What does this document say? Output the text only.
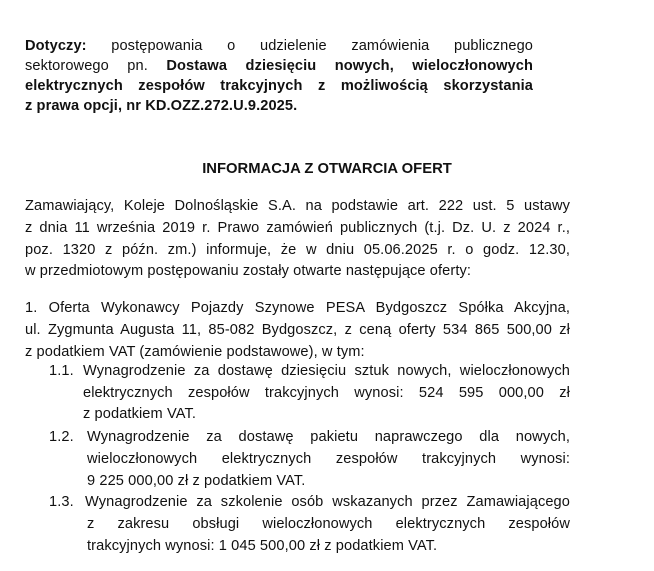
Dotyczy: postępowania o udzielenie zamówienia publicznego
sektorowego pn. Dostawa dziesięciu nowych, wieloczłonowych
elektrycznych zespołów trakcyjnych z możliwością skorzystania
z prawa opcji, nr KD.OZZ.272.U.9.2025.
INFORMACJA Z OTWARCIA OFERT
Zamawiający, Koleje Dolnośląskie S.A. na podstawie art. 222 ust. 5 ustawy
z dnia 11 września 2019 r. Prawo zamówień publicznych (t.j. Dz. U. z 2024 r.,
poz. 1320 z późn. zm.) informuje, że w dniu 05.06.2025 r. o godz. 12.30,
w przedmiotowym postępowaniu zostały otwarte następujące oferty:
1. Oferta Wykonawcy Pojazdy Szynowe PESA Bydgoszcz Spółka Akcyjna,
ul. Zygmunta Augusta 11, 85-082 Bydgoszcz, z ceną oferty 534 865 500,00 zł
z podatkiem VAT (zamówienie podstawowe), w tym:
1.1. Wynagrodzenie za dostawę dziesięciu sztuk nowych, wieloczłonowych
elektrycznych zespołów trakcyjnych wynosi: 524 595 000,00 zł
z podatkiem VAT.
1.2. Wynagrodzenie za dostawę pakietu naprawczego dla nowych,
wieloczłonowych elektrycznych zespołów trakcyjnych wynosi:
9 225 000,00 zł z podatkiem VAT.
1.3. Wynagrodzenie za szkolenie osób wskazanych przez Zamawiającego
z zakresu obsługi wieloczłonowych elektrycznych zespołów
trakcyjnych wynosi: 1 045 500,00 zł z podatkiem VAT.
